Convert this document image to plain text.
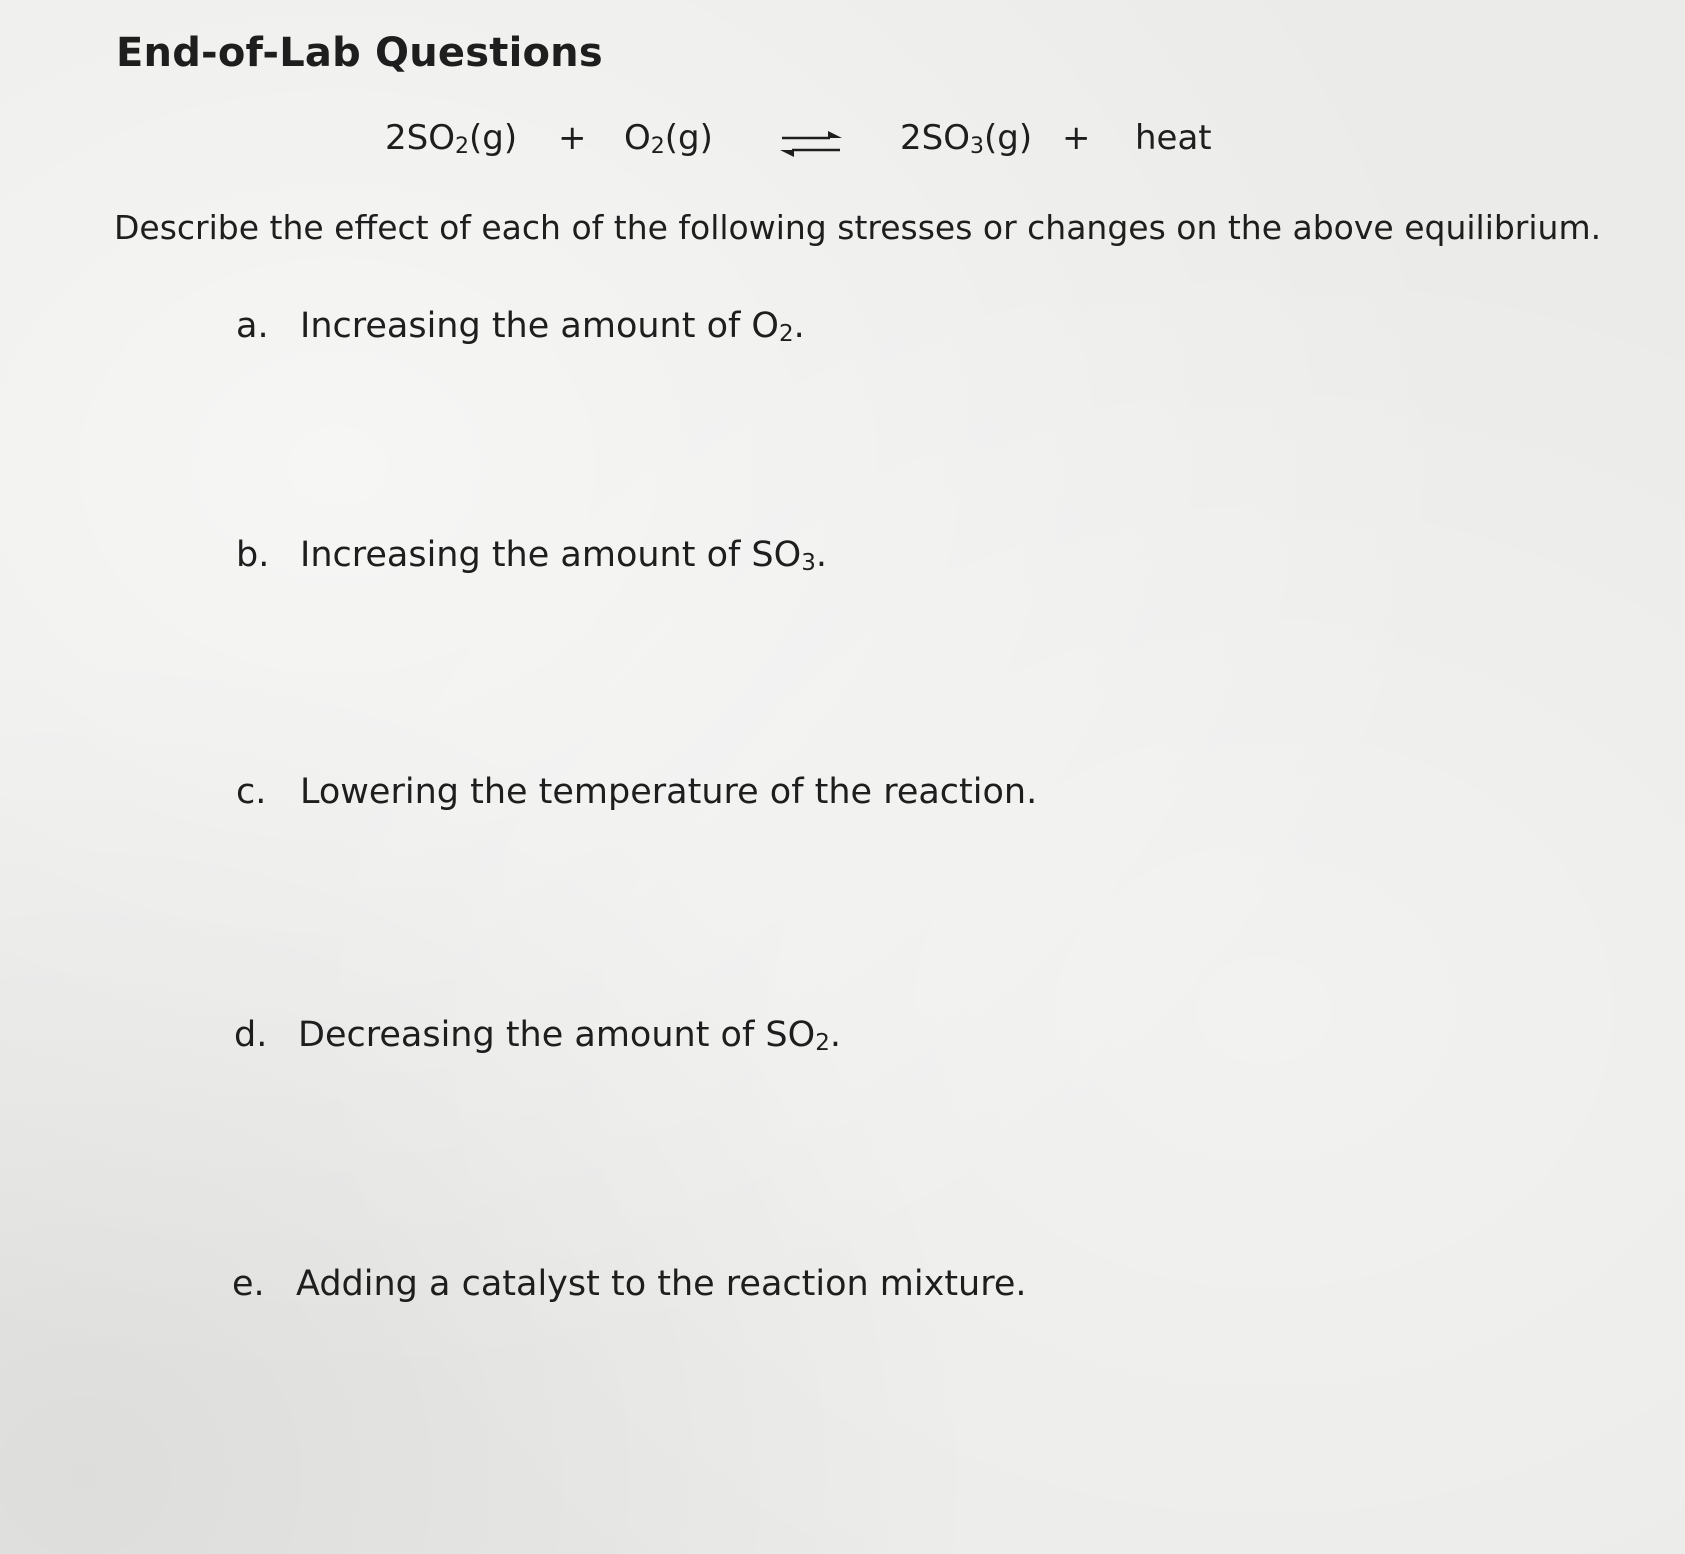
End-of-Lab Questions
$2SO_2(g) + O_2(g)$	$2SO_3(g)$ + heat
Describe the effect of each of the following stresses or changes on the above equilibrium.
a. Increasing the amount of $O_2$.
b. Increasing the amount of $SO_3$.
c. Lowering the temperature of the reaction.
d. Decreasing the amount of $SO_2$.
e. Adding a catalyst to the reaction mixture.
